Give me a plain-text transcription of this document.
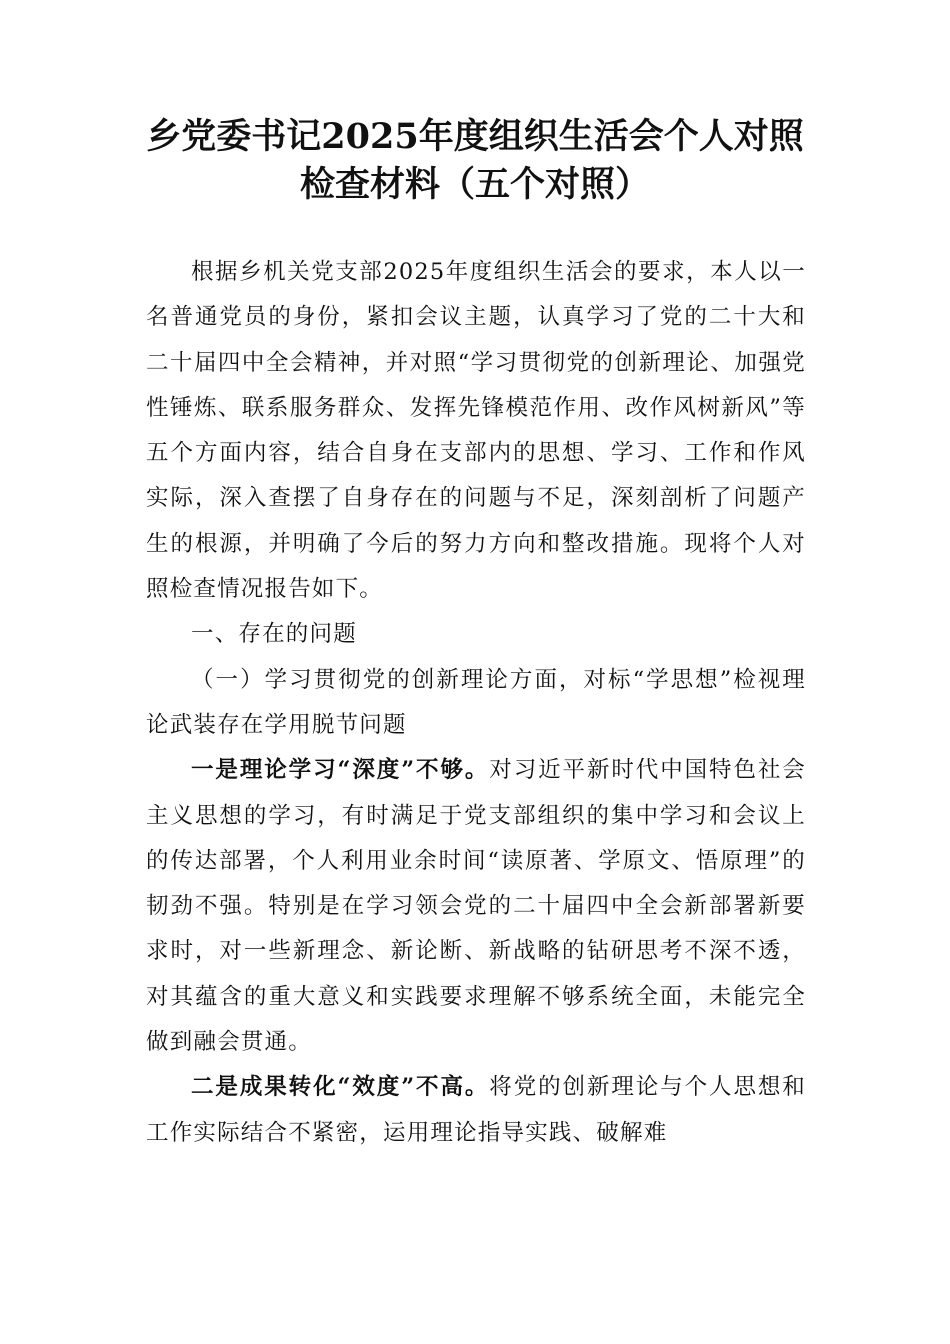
乡党委书记2025年度组织生活会个人对照
检查材料（五个对照）

根据乡机关党支部2025年度组织生活会的要求，本人以一名普通党员的身份，紧扣会议主题，认真学习了党的二十大和二十届四中全会精神，并对照“学习贯彻党的创新理论、加强党性锤炼、联系服务群众、发挥先锋模范作用、改作风树新风”等五个方面内容，结合自身在支部内的思想、学习、工作和作风实际，深入查摆了自身存在的问题与不足，深刻剖析了问题产生的根源，并明确了今后的努力方向和整改措施。现将个人对照检查情况报告如下。

一、存在的问题

（一）学习贯彻党的创新理论方面，对标“学思想”检视理论武装存在学用脱节问题

一是理论学习“深度”不够。对习近平新时代中国特色社会主义思想的学习，有时满足于党支部组织的集中学习和会议上的传达部署，个人利用业余时间“读原著、学原文、悟原理”的韧劲不强。特别是在学习领会党的二十届四中全会新部署新要求时，对一些新理念、新论断、新战略的钻研思考不深不透，对其蕴含的重大意义和实践要求理解不够系统全面，未能完全做到融会贯通。

二是成果转化“效度”不高。将党的创新理论与个人思想和工作实际结合不紧密，运用理论指导实践、破解难
